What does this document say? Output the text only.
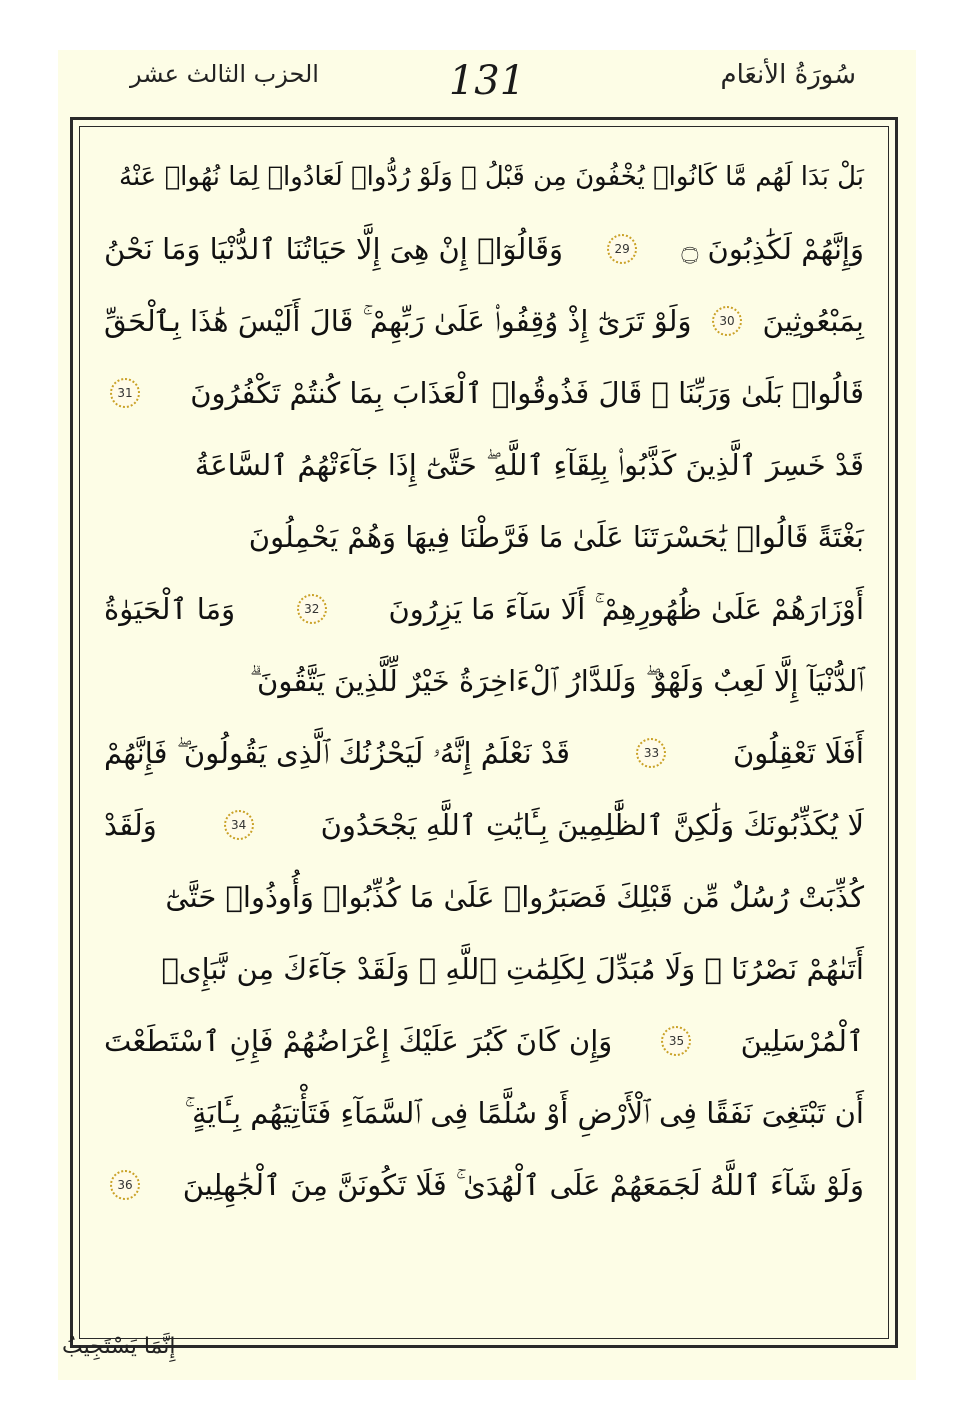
الحزب الثالث عشر	131	سُورَةُ الأنعَام
بَلْ بَدَا لَهُم مَّا كَانُوا۟ يُخْفُونَ مِن قَبْلُ ۖ وَلَوْ رُدُّوا۟ لَعَادُوا۟ لِمَا نُهُوا۟ عَنْهُ
وَإِنَّهُمْ لَكَٰذِبُونَ ۝
29
وَقَالُوٓا۟ إِنْ هِىَ إِلَّا حَيَاتُنَا ٱلدُّنْيَا وَمَا نَحْنُ
بِمَبْعُوثِينَ
30
وَلَوْ تَرَىٰٓ إِذْ وُقِفُوا۟ عَلَىٰ رَبِّهِمْ ۚ قَالَ أَلَيْسَ هَٰذَا بِٱلْحَقِّ
قَالُوا۟ بَلَىٰ وَرَبِّنَا ۚ قَالَ فَذُوقُوا۟ ٱلْعَذَابَ بِمَا كُنتُمْ تَكْفُرُونَ
31
قَدْ خَسِرَ ٱلَّذِينَ كَذَّبُوا۟ بِلِقَآءِ ٱللَّهِ ۖ حَتَّىٰٓ إِذَا جَآءَتْهُمُ ٱلسَّاعَةُ
بَغْتَةً قَالُوا۟ يَٰحَسْرَتَنَا عَلَىٰ مَا فَرَّطْنَا فِيهَا وَهُمْ يَحْمِلُونَ
أَوْزَارَهُمْ عَلَىٰ ظُهُورِهِمْ ۚ أَلَا سَآءَ مَا يَزِرُونَ
32
وَمَا ٱلْحَيَوٰةُ
ٱلدُّنْيَآ إِلَّا لَعِبٌ وَلَهْوٌ ۖ وَلَلدَّارُ ٱلْءَاخِرَةُ خَيْرٌ لِّلَّذِينَ يَتَّقُونَ ۗ
أَفَلَا تَعْقِلُونَ
33
قَدْ نَعْلَمُ إِنَّهُۥ لَيَحْزُنُكَ ٱلَّذِى يَقُولُونَ ۖ فَإِنَّهُمْ
لَا يُكَذِّبُونَكَ وَلَٰكِنَّ ٱلظَّٰلِمِينَ بِـَٔايَٰتِ ٱللَّهِ يَجْحَدُونَ
34
وَلَقَدْ
كُذِّبَتْ رُسُلٌ مِّن قَبْلِكَ فَصَبَرُوا۟ عَلَىٰ مَا كُذِّبُوا۟ وَأُوذُوا۟ حَتَّىٰٓ
أَتَىٰهُمْ نَصْرُنَا ۚ وَلَا مُبَدِّلَ لِكَلِمَٰتِ ٱللَّهِ ۚ وَلَقَدْ جَآءَكَ مِن نَّبَإِى۟
ٱلْمُرْسَلِينَ
35
وَإِن كَانَ كَبُرَ عَلَيْكَ إِعْرَاضُهُمْ فَإِنِ ٱسْتَطَعْتَ
أَن تَبْتَغِىَ نَفَقًا فِى ٱلْأَرْضِ أَوْ سُلَّمًا فِى ٱلسَّمَآءِ فَتَأْتِيَهُم بِـَٔايَةٍ ۚ
وَلَوْ شَآءَ ٱللَّهُ لَجَمَعَهُمْ عَلَى ٱلْهُدَىٰ ۚ فَلَا تَكُونَنَّ مِنَ ٱلْجَٰهِلِينَ
36
إِنَّمَا يَسْتَجِيبُ
